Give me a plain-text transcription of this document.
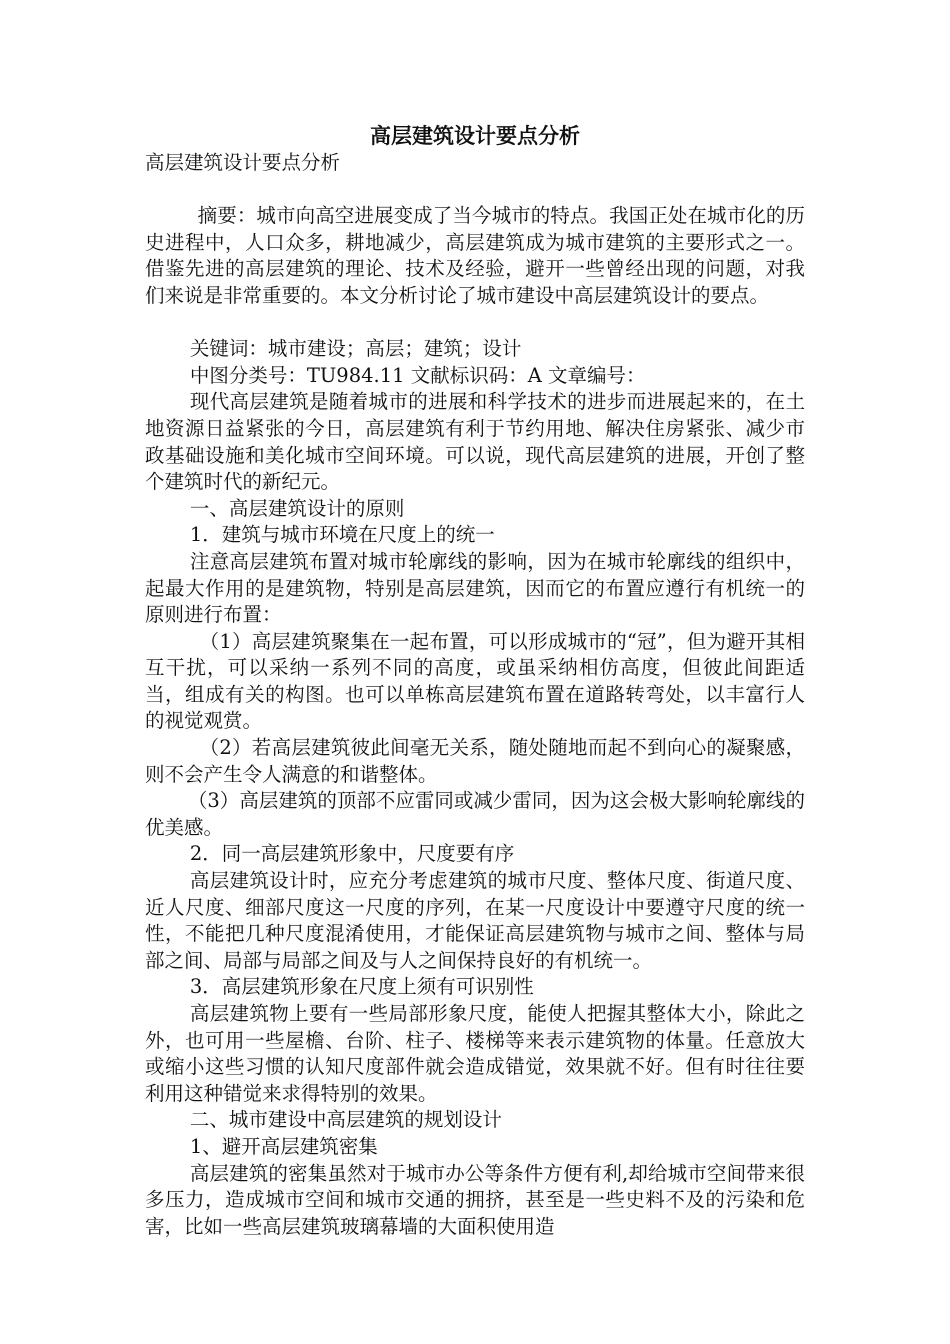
高层建筑设计要点分析

高层建筑设计要点分析

摘要：城市向高空进展变成了当今城市的特点。我国正处在城市化的历史进程中，人口众多，耕地减少，高层建筑成为城市建筑的主要形式之一。借鉴先进的高层建筑的理论、技术及经验，避开一些曾经出现的问题，对我们来说是非常重要的。本文分析讨论了城市建设中高层建筑设计的要点。

关键词：城市建设；高层；建筑；设计

中图分类号：TU984.11 文献标识码：A 文章编号：

现代高层建筑是随着城市的进展和科学技术的进步而进展起来的，在土地资源日益紧张的今日，高层建筑有利于节约用地、解决住房紧张、减少市政基础设施和美化城市空间环境。可以说，现代高层建筑的进展，开创了整个建筑时代的新纪元。

一、高层建筑设计的原则

1．建筑与城市环境在尺度上的统一

注意高层建筑布置对城市轮廓线的影响，因为在城市轮廓线的组织中，起最大作用的是建筑物，特别是高层建筑，因而它的布置应遵行有机统一的原则进行布置：

（1）高层建筑聚集在一起布置，可以形成城市的“冠”，但为避开其相互干扰，可以采纳一系列不同的高度，或虽采纳相仿高度，但彼此间距适当，组成有关的构图。也可以单栋高层建筑布置在道路转弯处，以丰富行人的视觉观赏。

（2）若高层建筑彼此间毫无关系，随处随地而起不到向心的凝聚感，则不会产生令人满意的和谐整体。

（3）高层建筑的顶部不应雷同或减少雷同，因为这会极大影响轮廓线的优美感。

2．同一高层建筑形象中，尺度要有序

高层建筑设计时，应充分考虑建筑的城市尺度、整体尺度、街道尺度、近人尺度、细部尺度这一尺度的序列，在某一尺度设计中要遵守尺度的统一性，不能把几种尺度混淆使用，才能保证高层建筑物与城市之间、整体与局部之间、局部与局部之间及与人之间保持良好的有机统一。

3．高层建筑形象在尺度上须有可识别性

高层建筑物上要有一些局部形象尺度，能使人把握其整体大小，除此之外，也可用一些屋檐、台阶、柱子、楼梯等来表示建筑物的体量。任意放大或缩小这些习惯的认知尺度部件就会造成错觉，效果就不好。但有时往往要利用这种错觉来求得特别的效果。

二、城市建设中高层建筑的规划设计

1、避开高层建筑密集

高层建筑的密集虽然对于城市办公等条件方便有利,却给城市空间带来很多压力，造成城市空间和城市交通的拥挤，甚至是一些史料不及的污染和危害，比如一些高层建筑玻璃幕墙的大面积使用造
